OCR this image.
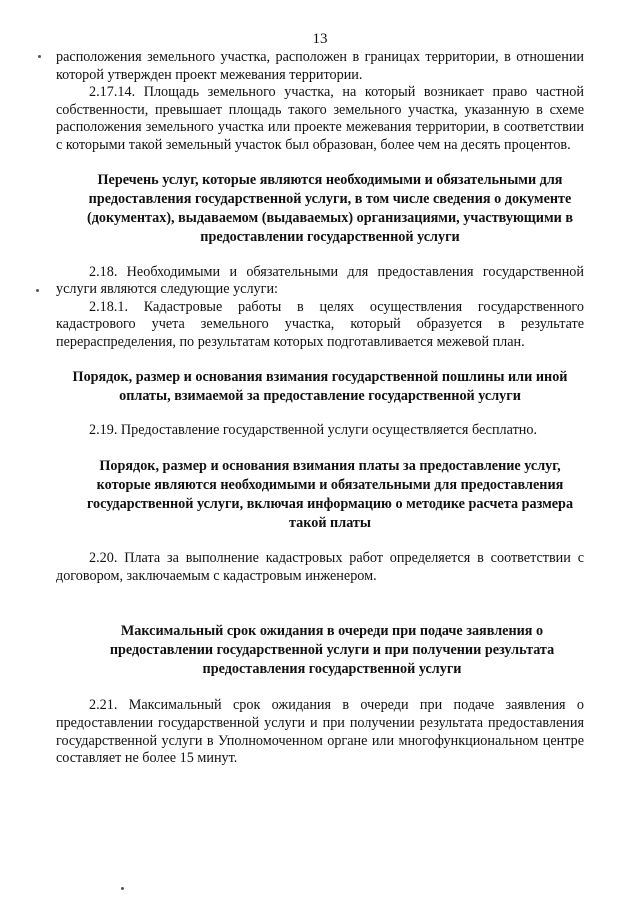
13

расположения земельного участка, расположен в границах территории, в отношении которой утвержден проект межевания территории.

2.17.14. Площадь земельного участка, на который возникает право частной собственности, превышает площадь такого земельного участка, указанную в схеме расположения земельного участка или проекте межевания территории, в соответствии с которыми такой земельный участок был образован, более чем на десять процентов.

Перечень услуг, которые являются необходимыми и обязательными для предоставления государственной услуги, в том числе сведения о документе (документах), выдаваемом (выдаваемых) организациями, участвующими в предоставлении государственной услуги

2.18. Необходимыми и обязательными для предоставления государственной услуги являются следующие услуги:

2.18.1. Кадастровые работы в целях осуществления государственного кадастрового учета земельного участка, который образуется в результате перераспределения, по результатам которых подготавливается межевой план.

Порядок, размер и основания взимания государственной пошлины или иной оплаты, взимаемой за предоставление государственной услуги

2.19. Предоставление государственной услуги осуществляется бесплатно.

Порядок, размер и основания взимания платы за предоставление услуг, которые являются необходимыми и обязательными для предоставления государственной услуги, включая информацию о методике расчета размера такой платы

2.20. Плата за выполнение кадастровых работ определяется в соответствии с договором, заключаемым с кадастровым инженером.

Максимальный срок ожидания в очереди при подаче заявления о предоставлении государственной услуги и при получении результата предоставления государственной услуги

2.21. Максимальный срок ожидания в очереди при подаче заявления о предоставлении государственной услуги и при получении результата предоставления государственной услуги в Уполномоченном органе или многофункциональном центре составляет не более 15 минут.
